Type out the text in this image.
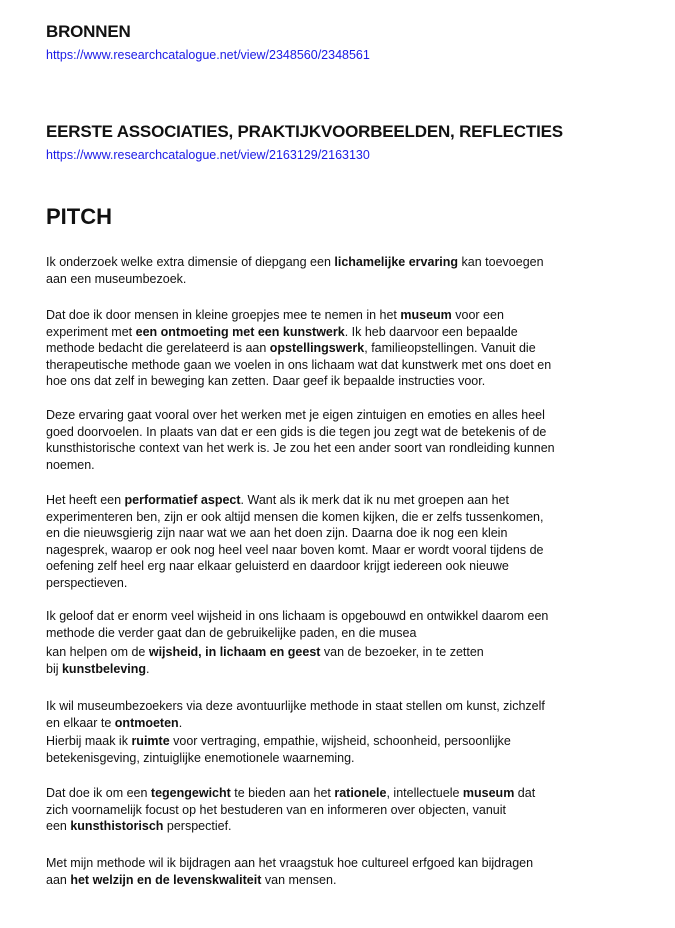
BRONNEN
https://www.researchcatalogue.net/view/2348560/2348561
EERSTE ASSOCIATIES, PRAKTIJKVOORBEELDEN, REFLECTIES
https://www.researchcatalogue.net/view/2163129/2163130
PITCH
Ik onderzoek welke extra dimensie of diepgang een lichamelijke ervaring kan toevoegen
aan een museumbezoek.
Dat doe ik door mensen in kleine groepjes mee te nemen in het museum voor een
experiment met een ontmoeting met een kunstwerk. Ik heb daarvoor een bepaalde
methode bedacht die gerelateerd is aan opstellingswerk, familieopstellingen. Vanuit die
therapeutische methode gaan we voelen in ons lichaam wat dat kunstwerk met ons doet en
hoe ons dat zelf in beweging kan zetten. Daar geef ik bepaalde instructies voor.
Deze ervaring gaat vooral over het werken met je eigen zintuigen en emoties en alles heel
goed doorvoelen. In plaats van dat er een gids is die tegen jou zegt wat de betekenis of de
kunsthistorische context van het werk is. Je zou het een ander soort van rondleiding kunnen
noemen.
Het heeft een performatief aspect. Want als ik merk dat ik nu met groepen aan het
experimenteren ben, zijn er ook altijd mensen die komen kijken, die er zelfs tussenkomen,
en die nieuwsgierig zijn naar wat we aan het doen zijn. Daarna doe ik nog een klein
nagesprek, waarop er ook nog heel veel naar boven komt. Maar er wordt vooral tijdens de
oefening zelf heel erg naar elkaar geluisterd en daardoor krijgt iedereen ook nieuwe
perspectieven.
Ik geloof dat er enorm veel wijsheid in ons lichaam is opgebouwd en ontwikkel daarom een
methode die verder gaat dan de gebruikelijke paden, en die musea
kan helpen om de wijsheid, in lichaam en geest van de bezoeker, in te zetten
bij kunstbeleving.
Ik wil museumbezoekers via deze avontuurlijke methode in staat stellen om kunst, zichzelf
en elkaar te ontmoeten.
Hierbij maak ik ruimte voor vertraging, empathie, wijsheid, schoonheid, persoonlijke
betekenisgeving, zintuiglijke enemotionele waarneming.
Dat doe ik om een tegengewicht te bieden aan het rationele, intellectuele museum dat
zich voornamelijk focust op het bestuderen van en informeren over objecten, vanuit
een kunsthistorisch perspectief.
Met mijn methode wil ik bijdragen aan het vraagstuk hoe cultureel erfgoed kan bijdragen
aan het welzijn en de levenskwaliteit van mensen.
